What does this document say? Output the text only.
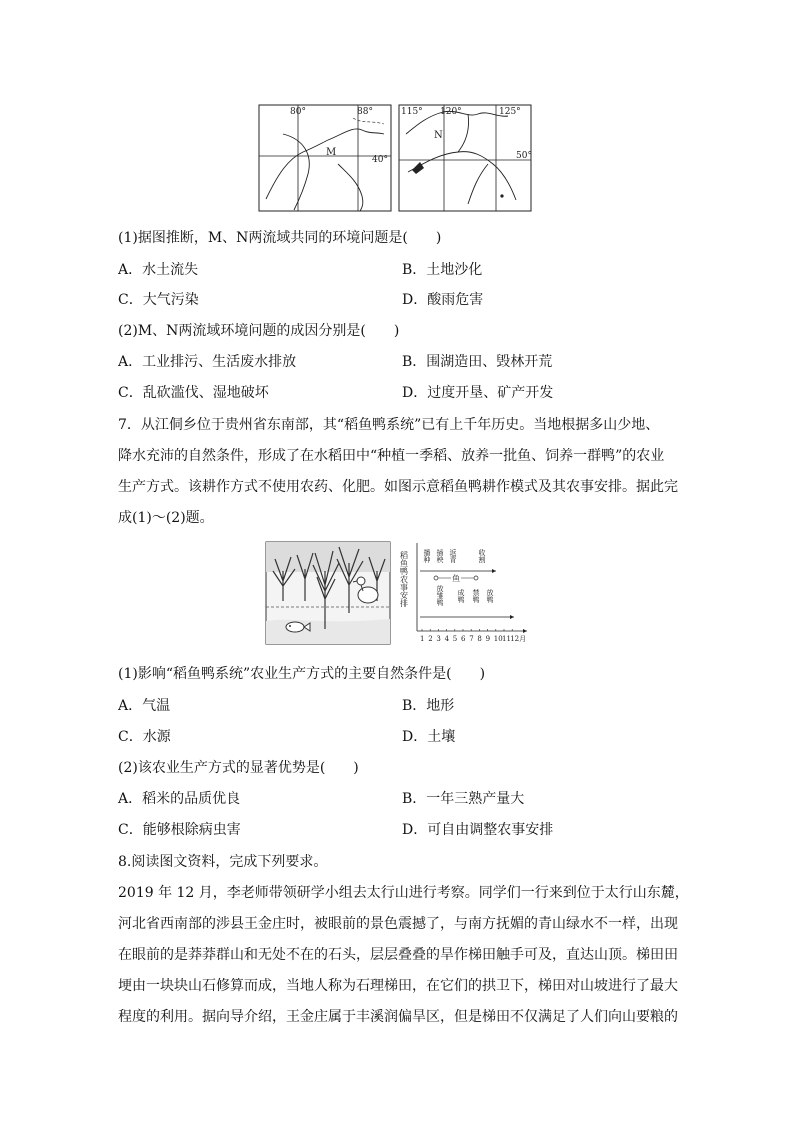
80°	88°
40°
M
115° 120°	125°
50°
N
(1)据图推断，M、N两流域共同的环境问题是(　　)
A．水土流失	B．土地沙化
C．大气污染	D．酸雨危害
(2)M、N两流域环境问题的成因分别是(　　)
A．工业排污、生活废水排放	B．围湖造田、毁林开荒
C．乱砍滥伐、湿地破坏	D．过度开垦、矿产开发
7．从江侗乡位于贵州省东南部，其“稻鱼鸭系统”已有上千年历史。当地根据多山少地、
降水充沛的自然条件，形成了在水稻田中“种植一季稻、放养一批鱼、饲养一群鸭”的农业
生产方式。该耕作方式不使用农药、化肥。如图示意稻鱼鸭耕作模式及其农事安排。据此完
成(1)～(2)题。
稻鱼鸭农事安排 播种 插秧 返青	收割
鱼
放雏鸭 成鸭 禁鸭 放鸭
1 2 3 4 5 6 7 8 9 10 11 12月
(1)影响“稻鱼鸭系统”农业生产方式的主要自然条件是(　　)
A．气温	B．地形
C．水源	D．土壤
(2)该农业生产方式的显著优势是(　　)
A．稻米的品质优良	B．一年三熟产量大
C．能够根除病虫害	D．可自由调整农事安排
8.阅读图文资料，完成下列要求。
2019 年 12 月，李老师带领研学小组去太行山进行考察。同学们一行来到位于太行山东麓，
河北省西南部的涉县王金庄时，被眼前的景色震撼了，与南方抚媚的青山绿水不一样，出现
在眼前的是莽莽群山和无处不在的石头，层层叠叠的旱作梯田触手可及，直达山顶。梯田田
埂由一块块山石修算而成，当地人称为石理梯田，在它们的拱卫下，梯田对山坡进行了最大
程度的利用。据向导介绍，王金庄属于丰溪润偏旱区，但是梯田不仅满足了人们向山要粮的
